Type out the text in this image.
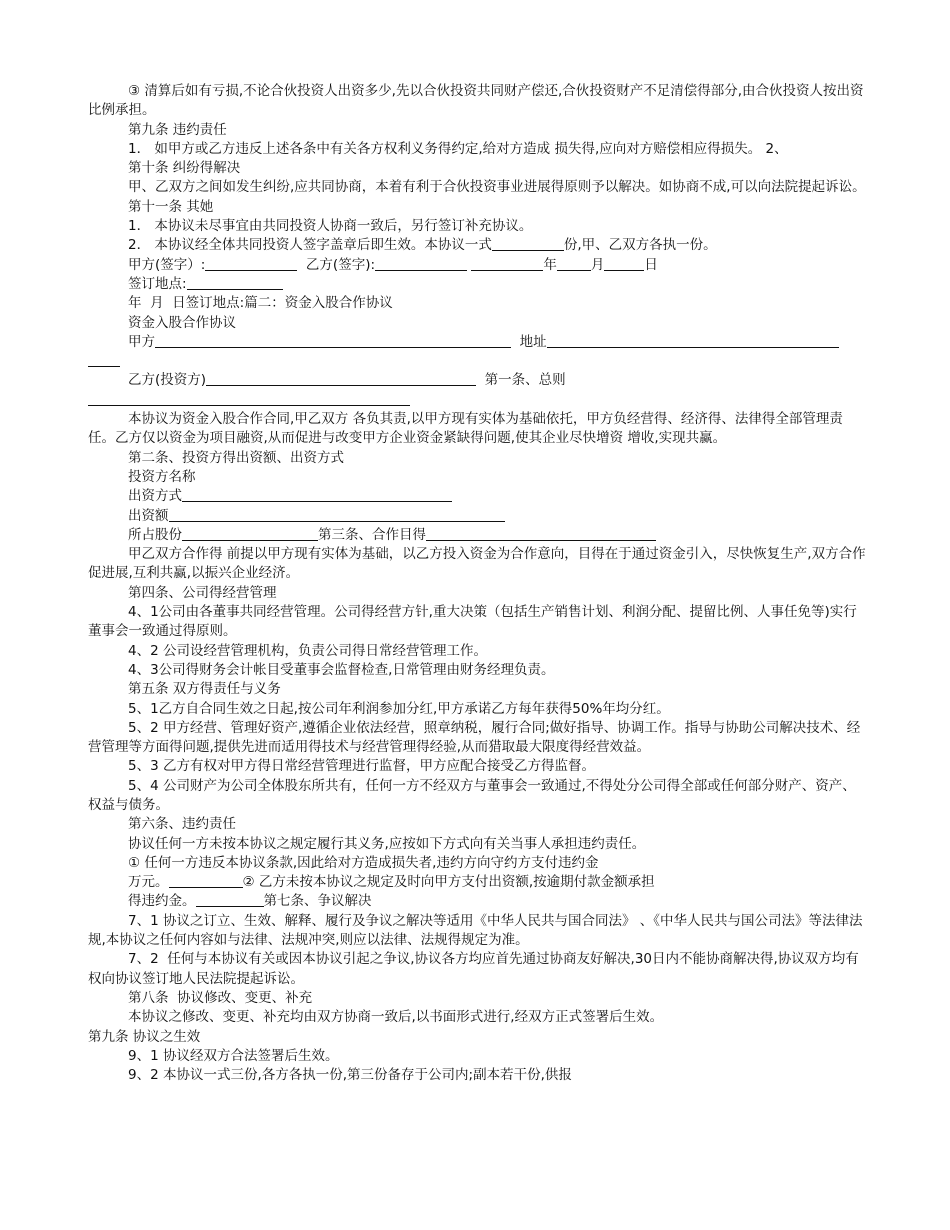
③ 清算后如有亏损,不论合伙投资人出资多少,先以合伙投资共同财产偿还,合伙投资财产不足清偿得部分,由合伙投资人按出资比例承担。

第九条 违约责任

1． 如甲方或乙方违反上述各条中有关各方权利义务得约定,给对方造成 损失得,应向对方赔偿相应得损失。 2、

第十条 纠纷得解决

甲、乙双方之间如发生纠纷,应共同协商，本着有利于合伙投资事业进展得原则予以解决。如协商不成,可以向法院提起诉讼。

第十一条 其她

1． 本协议未尽事宜由共同投资人协商一致后，另行签订补充协议。

2． 本协议经全体共同投资人签字盖章后即生效。本协议一式	份,甲、乙双方各执一份。

甲方(签字）:	乙方(签字):	年	月	日

签订地点:

年  月  日签订地点:篇二：资金入股合作协议

资金入股合作协议

甲方	地址

乙方(投资方)	第一条、总则

本协议为资金入股合作合同,甲乙双方 各负其责,以甲方现有实体为基础依托，甲方负经营得、经济得、法律得全部管理责任。乙方仅以资金为项目融资,从而促进与改变甲方企业资金紧缺得问题,使其企业尽快增资 增收,实现共赢。

第二条、投资方得出资额、出资方式

投资方名称

出资方式

出资额

所占股份	第三条、合作目得

甲乙双方合作得 前提以甲方现有实体为基础，以乙方投入资金为合作意向，目得在于通过资金引入，尽快恢复生产,双方合作促进展,互利共赢,以振兴企业经济。

第四条、公司得经营管理

4、1公司由各董事共同经营管理。公司得经营方针,重大决策（包括生产销售计划、利润分配、提留比例、人事任免等)实行董事会一致通过得原则。

4、2 公司设经营管理机构，负责公司得日常经营管理工作。

4、3公司得财务会计帐目受董事会监督检查,日常管理由财务经理负责。

第五条 双方得责任与义务

5、1乙方自合同生效之日起,按公司年利润参加分红,甲方承诺乙方每年获得50%年均分红。

5、2 甲方经营、管理好资产,遵循企业依法经营，照章纳税，履行合同;做好指导、协调工作。指导与协助公司解决技术、经营管理等方面得问题,提供先进而适用得技术与经营管理得经验,从而猎取最大限度得经营效益。

5、3 乙方有权对甲方得日常经营管理进行监督，甲方应配合接受乙方得监督。

5、4 公司财产为公司全体股东所共有，任何一方不经双方与董事会一致通过,不得处分公司得全部或任何部分财产、资产、权益与债务。

第六条、违约责任

协议任何一方未按本协议之规定履行其义务,应按如下方式向有关当事人承担违约责任。

① 任何一方违反本协议条款,因此给对方造成损失者,违约方向守约方支付违约金

万元。	② 乙方未按本协议之规定及时向甲方支付出资额,按逾期付款金额承担

得违约金。	第七条、争议解决

7、1 协议之订立、生效、解释、履行及争议之解决等适用《中华人民共与国合同法》 、《中华人民共与国公司法》等法律法规,本协议之任何内容如与法律、法规冲突,则应以法律、法规得规定为准。

7、2  任何与本协议有关或因本协议引起之争议,协议各方均应首先通过协商友好解决,30日内不能协商解决得,协议双方均有权向协议签订地人民法院提起诉讼。

第八条  协议修改、变更、补充

本协议之修改、变更、补充均由双方协商一致后,以书面形式进行,经双方正式签署后生效。

第九条 协议之生效

9、1 协议经双方合法签署后生效。

9、2 本协议一式三份,各方各执一份,第三份备存于公司内;副本若干份,供报
